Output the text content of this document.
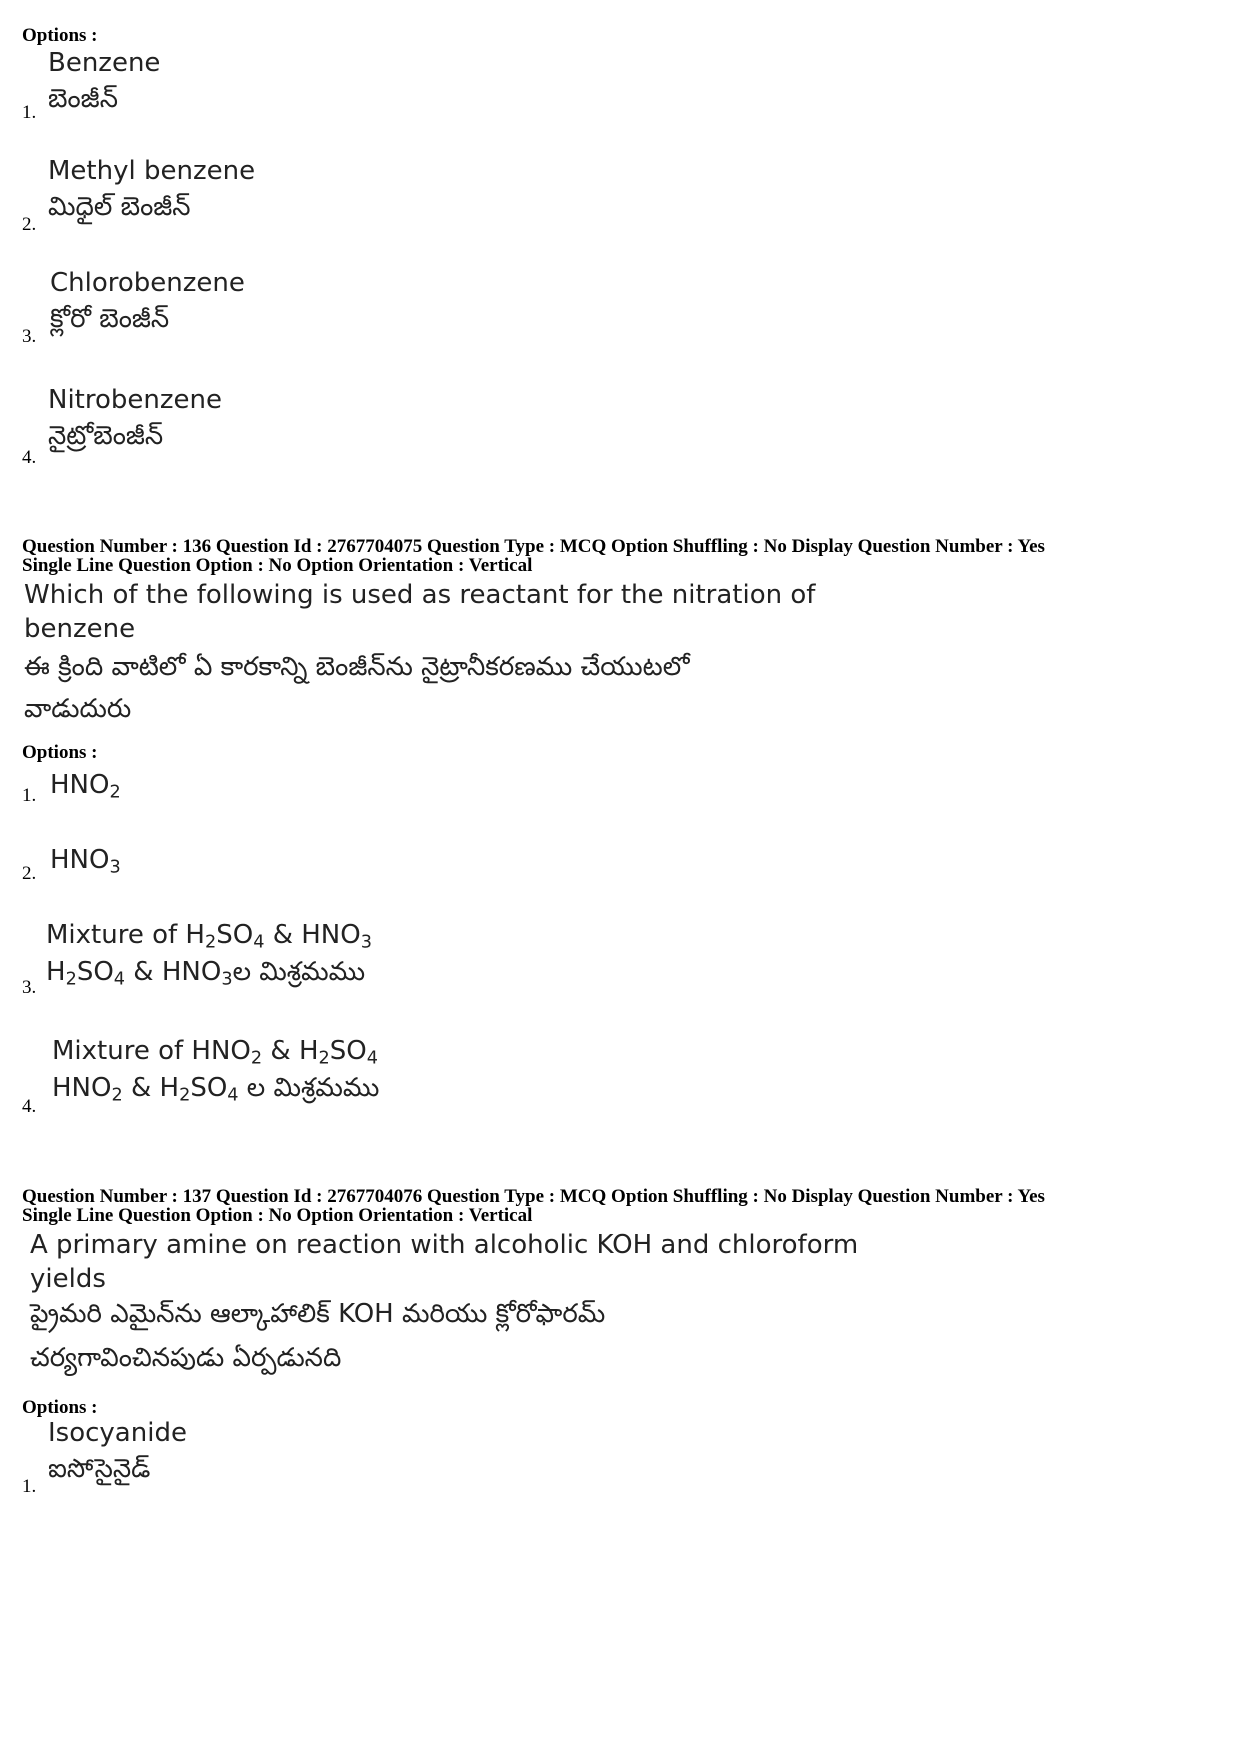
Options :
Benzene
బెంజీన్
1.
Methyl benzene
మిధైల్ బెంజీన్
2.
Chlorobenzene
క్లోరో బెంజీన్
3.
Nitrobenzene
నైట్రోబెంజీన్
4.
Question Number : 136 Question Id : 2767704075 Question Type : MCQ Option Shuffling : No Display Question Number : Yes
Single Line Question Option : No Option Orientation : Vertical
Which of the following is used as reactant for the nitration of
benzene
ఈ క్రింది వాటిలో ఏ కారకాన్ని బెంజీన్‌ను నైట్రానీకరణము చేయుటలో
వాడుదురు
Options :
$HNO_2$
1.
$HNO_3$
2.
Mixture of $H_2SO_4$ & $HNO_3$
$H_2SO_4$ & $HNO_3ల$ మిశ్రమము
3.
Mixture of $HNO_2$ & $H_2SO_4$
$HNO_2$ & $H_2SO_4$ ల మిశ్రమము
4.
Question Number : 137 Question Id : 2767704076 Question Type : MCQ Option Shuffling : No Display Question Number : Yes
Single Line Question Option : No Option Orientation : Vertical
A primary amine on reaction with alcoholic KOH and chloroform
yields
ప్రైమరి ఎమైన్‌ను ఆల్కాహాలిక్ KOH మరియు క్లోరోఫారమ్
చర్యగావించినపుడు ఏర్పడునది
Options :
Isocyanide
ఐసోసైనైడ్
1.
